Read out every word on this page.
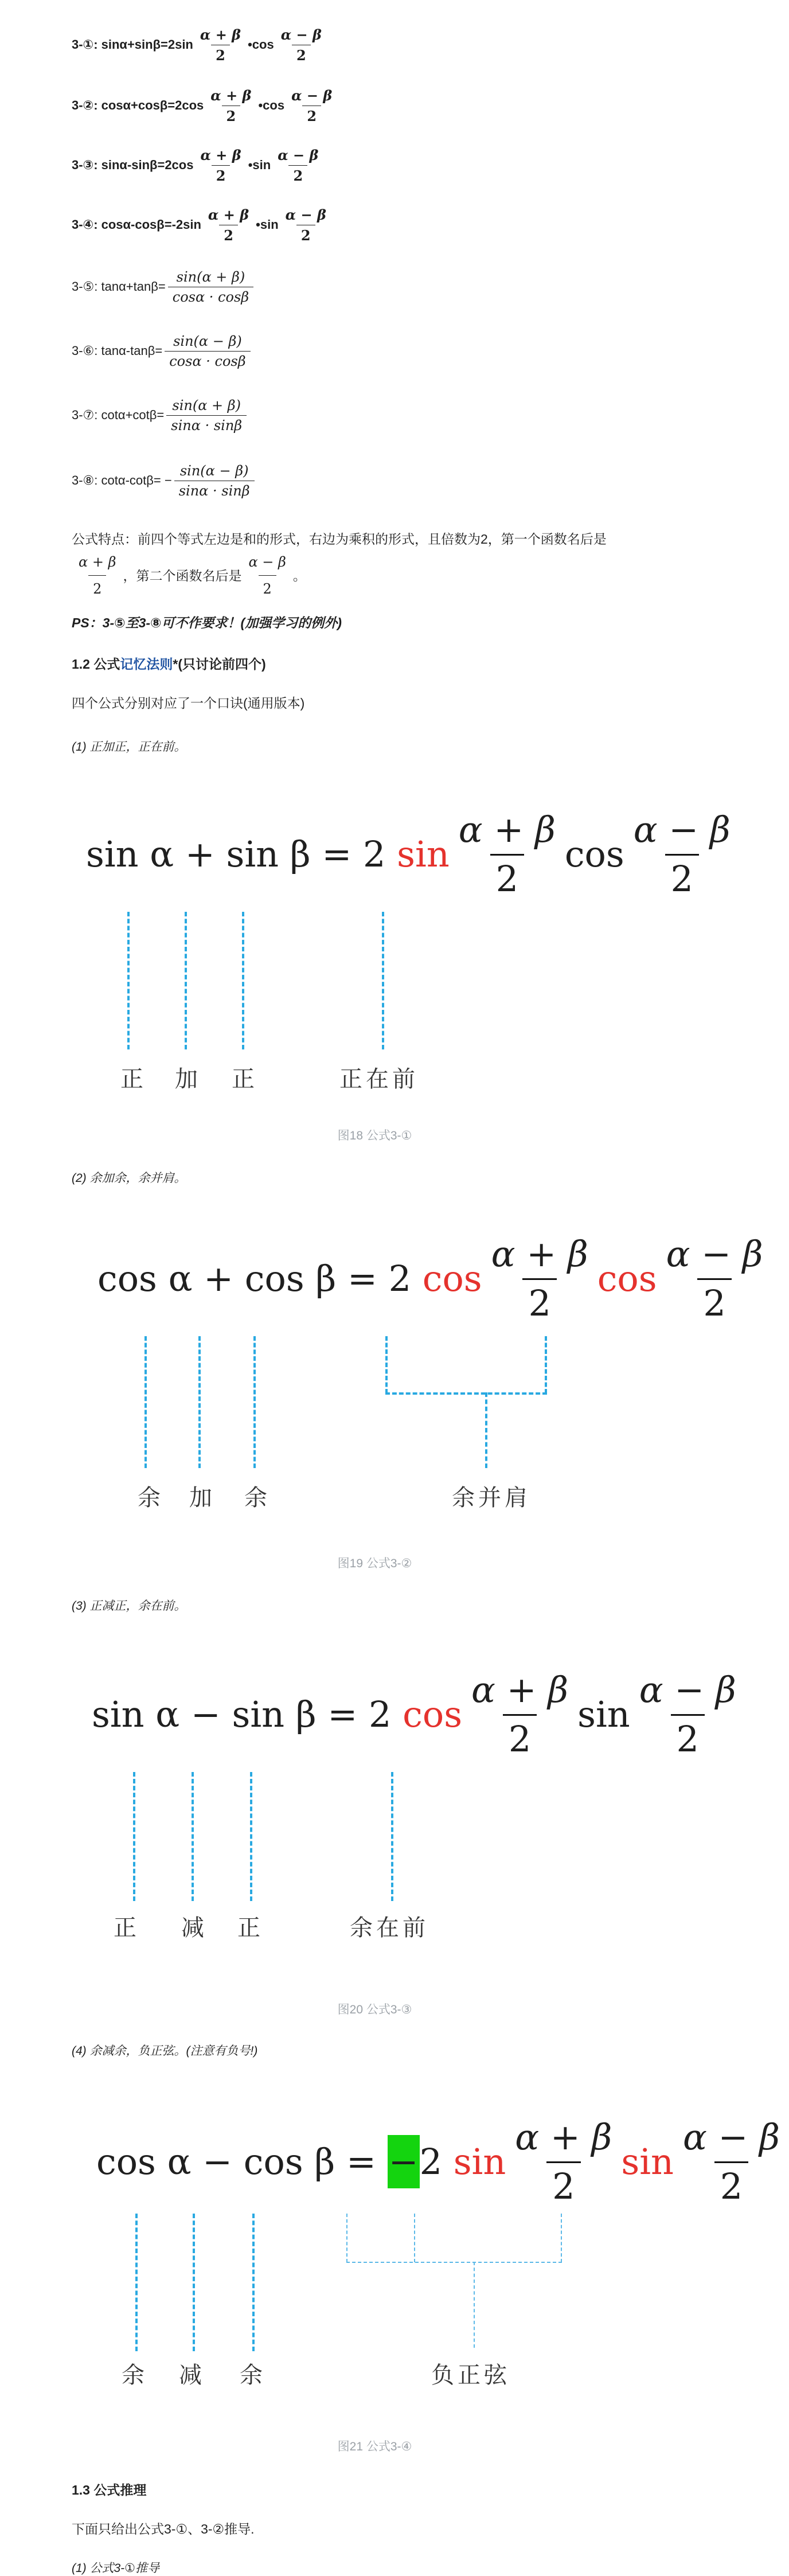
3-①: $\sin\alpha+\sin\beta=2\sin \frac{\alpha + \beta}{2}$ •cos $\frac{\alpha - \beta}{2}$
3-②: $\cos\alpha+\cos\beta=2\cos \frac{\alpha + \beta}{2}$ •cos $\frac{\alpha - \beta}{2}$
3-③: $\sin\alpha-\sin\beta=2\cos \frac{\alpha + \beta}{2}$ •sin $\frac{\alpha - \beta}{2}$
3-④: $\cos\alpha-\cos\beta=-2\sin \frac{\alpha + \beta}{2}$ •sin $\frac{\alpha - \beta}{2}$
3-⑤: $\tan\alpha+\tan\beta= \frac{\sin(\alpha + \beta)}{\cos\alpha \cdot \cos\beta}$
3-⑥: $\tan\alpha-\tan\beta= \frac{\sin(\alpha - \beta)}{\cos\alpha \cdot \cos\beta}$
3-⑦: $\cot\alpha+\cot\beta= \frac{\sin(\alpha + \beta)}{\sin\alpha \cdot \sin\beta}$
3-⑧: $\cot\alpha-\cot\beta= - \frac{\sin(\alpha - \beta)}{\sin\alpha \cdot \sin\beta}$
公式特点：前四个等式左边是和的形式，右边为乘积的形式，且倍数为2，第一个函数名后是

$\frac{\alpha + \beta}{2}$ ，第二个函数名后是 $\frac{\alpha - \beta}{2}$ 。
PS：3-⑤至3-⑧可不作要求！(加强学习的例外)
1.2 公式记忆法则*(只讨论前四个)
四个公式分别对应了一个口诀(通用版本)
(1) 正加正，正在前。
sin α + sin β = 2 $\sin \frac{\alpha + \beta}{2}$ $\cos \frac{\alpha - \beta}{2}$
正 加 正	正在前
图18 公式3-①
(2) 余加余，余并肩。
cos α + cos β = 2 $\cos \frac{\alpha + \beta}{2}$ $\cos \frac{\alpha - \beta}{2}$
余 加 余	余并肩
图19 公式3-②
(3) 正减正，余在前。
sin α − sin β = 2 $\cos \frac{\alpha + \beta}{2}$ $\sin \frac{\alpha - \beta}{2}$
正 减 正	余在前
图20 公式3-③
(4) 余减余，负正弦。(注意有负号!)
cos α − cos β = − 2 $\sin \frac{\alpha + \beta}{2}$ $\sin \frac{\alpha - \beta}{2}$
余 减 余	负正弦
图21 公式3-④
1.3 公式推理
下面只给出公式3-①、3-②推导.
(1) 公式3-①推导
